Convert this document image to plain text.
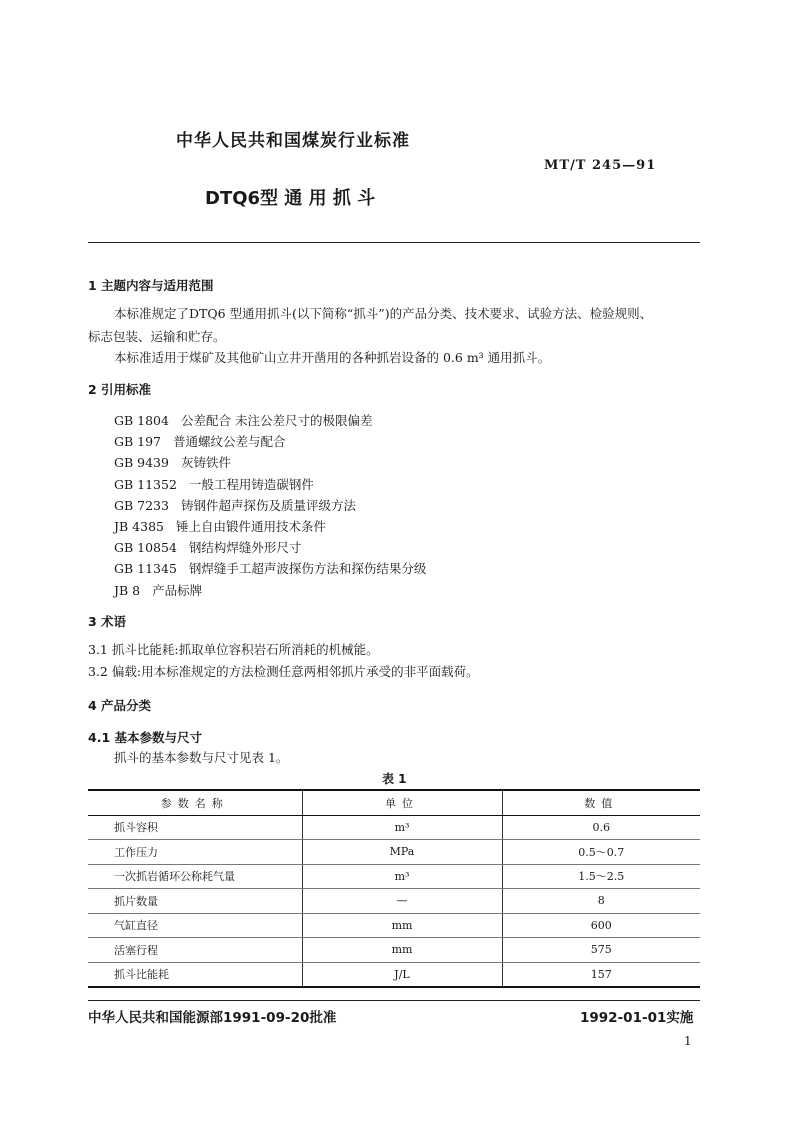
中华人民共和国煤炭行业标准
MT/T 245—91
DTQ6型 通 用 抓 斗
1 主题内容与适用范围
本标准规定了DTQ6 型通用抓斗(以下简称“抓斗”)的产品分类、技术要求、试验方法、检验规则、
标志包装、运输和贮存。
本标准适用于煤矿及其他矿山立井开凿用的各种抓岩设备的 0.6 m³ 通用抓斗。
2 引用标准
GB 1804 公差配合 未注公差尺寸的极限偏差
GB 197 普通螺纹公差与配合
GB 9439 灰铸铁件
GB 11352 一般工程用铸造碳钢件
GB 7233 铸钢件超声探伤及质量评级方法
JB 4385 锤上自由锻件通用技术条件
GB 10854 钢结构焊缝外形尺寸
GB 11345 钢焊缝手工超声波探伤方法和探伤结果分级
JB 8 产品标牌
3 术语
3.1 抓斗比能耗:抓取单位容积岩石所消耗的机械能。
3.2 偏载:用本标准规定的方法检测任意两相邻抓片承受的非平面载荷。
4 产品分类
4.1 基本参数与尺寸
抓斗的基本参数与尺寸见表 1。
表 1
参数名称	单位	数值
抓斗容积	m³	0.6
工作压力	MPa	0.5～0.7
一次抓岩循环公称耗气量	m³	1.5～2.5
抓片数量	—	8
气缸直径	mm	600
活塞行程	mm	575
抓斗比能耗	J/L	157
中华人民共和国能源部1991-09-20批准	1992-01-01实施
1
